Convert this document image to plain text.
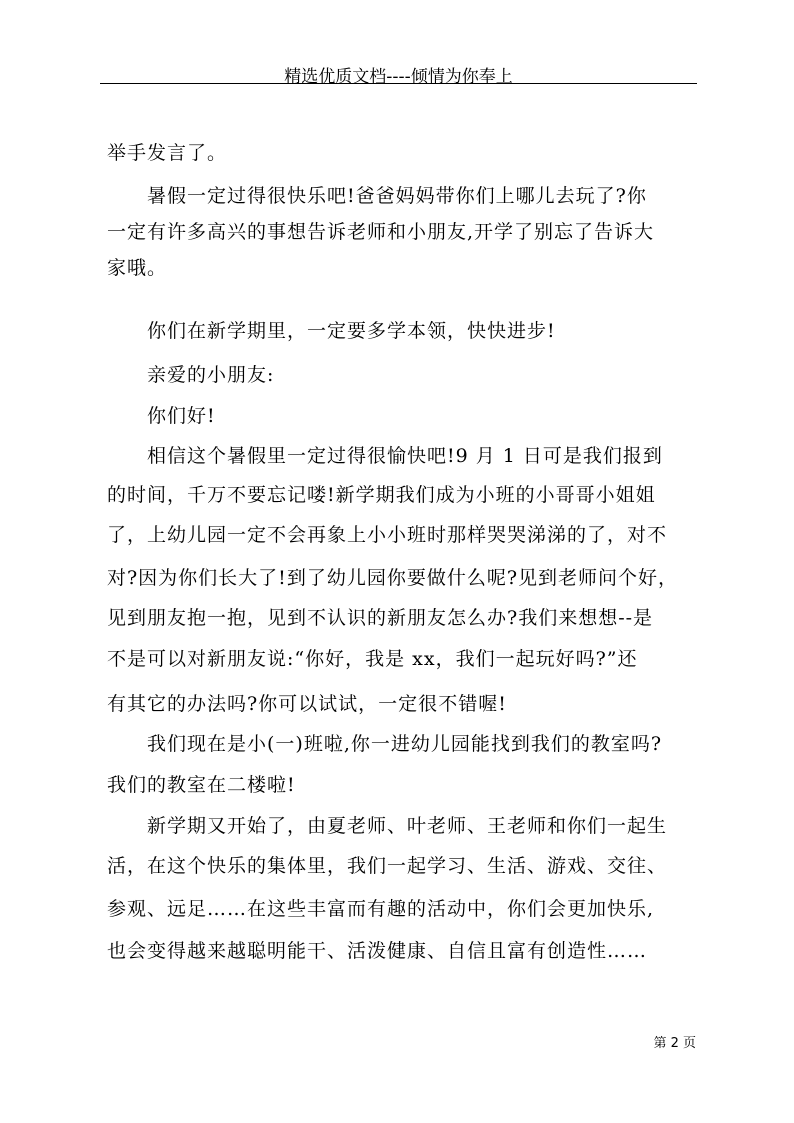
精选优质文档----倾情为你奉上
举手发言了。
暑假一定过得很快乐吧!爸爸妈妈带你们上哪儿去玩了?你
一定有许多高兴的事想告诉老师和小朋友,开学了别忘了告诉大
家哦。
你们在新学期里，一定要多学本领，快快进步!
亲爱的小朋友:
你们好!
相信这个暑假里一定过得很愉快吧!9 月 1 日可是我们报到
的时间，千万不要忘记喽!新学期我们成为小班的小哥哥小姐姐
了，上幼儿园一定不会再象上小小班时那样哭哭涕涕的了，对不
对?因为你们长大了!到了幼儿园你要做什么呢?见到老师问个好，
见到朋友抱一抱，见到不认识的新朋友怎么办?我们来想想--是
不是可以对新朋友说:“你好，我是 xx，我们一起玩好吗?”还
有其它的办法吗?你可以试试，一定很不错喔!
我们现在是小(一)班啦,你一进幼儿园能找到我们的教室吗?
我们的教室在二楼啦!
新学期又开始了，由夏老师、叶老师、王老师和你们一起生
活，在这个快乐的集体里，我们一起学习、生活、游戏、交往、
参观、远足……在这些丰富而有趣的活动中，你们会更加快乐,
也会变得越来越聪明能干、活泼健康、自信且富有创造性……
第 2 页
